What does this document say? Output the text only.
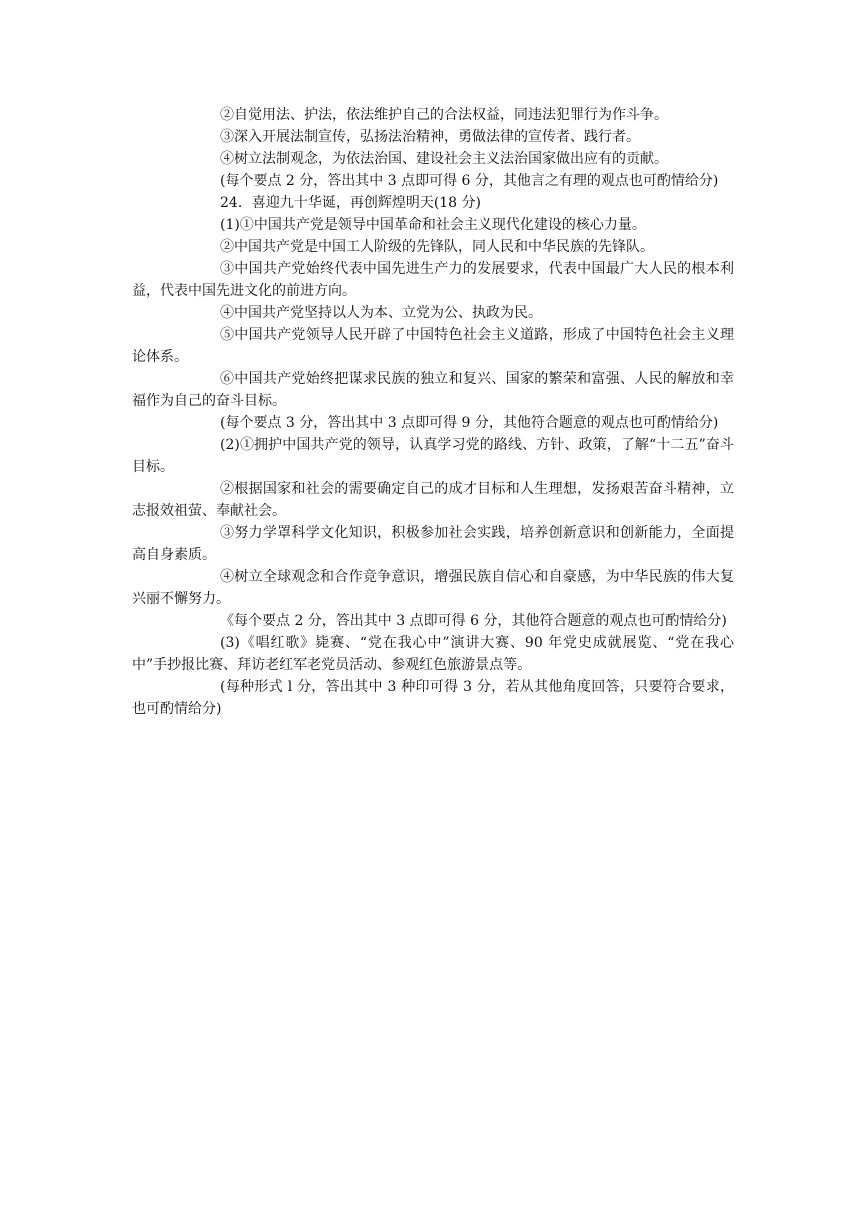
②自觉用法、护法，依法维护自己的合法权益，同违法犯罪行为作斗争。

③深入开展法制宣传，弘扬法治精神，勇做法律的宣传者、践行者。

④树立法制观念，为依法治国、建设社会主义法治国家做出应有的贡献。

(每个要点 2 分，答出其中 3 点即可得 6 分，其他言之有理的观点也可酌情给分)

24．喜迎九十华诞，再创辉煌明天(18 分)

(1)①中国共产党是领导中国革命和社会主义现代化建设的核心力量。

②中国共产党是中国工人阶级的先锋队，同人民和中华民族的先锋队。

③中国共产党始终代表中国先进生产力的发展要求，代表中国最广大人民的根本利益，代表中国先进文化的前进方向。

④中国共产党坚持以人为本、立党为公、执政为民。

⑤中国共产党领导人民开辟了中国特色社会主义道路，形成了中国特色社会主义理论体系。

⑥中国共产党始终把谋求民族的独立和复兴、国家的繁荣和富强、人民的解放和幸福作为自己的奋斗目标。

(每个要点 3 分，答出其中 3 点即可得 9 分，其他符合题意的观点也可酌情给分)

(2)①拥护中国共产党的领导，认真学习党的路线、方针、政策，了解“十二五”奋斗目标。

②根据国家和社会的需要确定自己的成才目标和人生理想，发扬艰苦奋斗精神，立志报效祖萤、奉献社会。

③努力学罩科学文化知识，积极参加社会实践，培养创新意识和创新能力，全面提高自身素质。

④树立全球观念和合作竞争意识，增强民族自信心和自豪感，为中华民族的伟大复兴丽不懈努力。

《每个要点 2 分，答出其中 3 点即可得 6 分，其他符合题意的观点也可酌情给分)

(3)《唱红歌》毙赛、“党在我心中”演讲大赛、90 年党史成就展览、“党在我心中”手抄报比赛、拜访老红军老党员活动、参观红色旅游景点等。

(每种形式 l 分，答出其中 3 种印可得 3 分，若从其他角度回答，只要符合要求，也可酌情给分)
